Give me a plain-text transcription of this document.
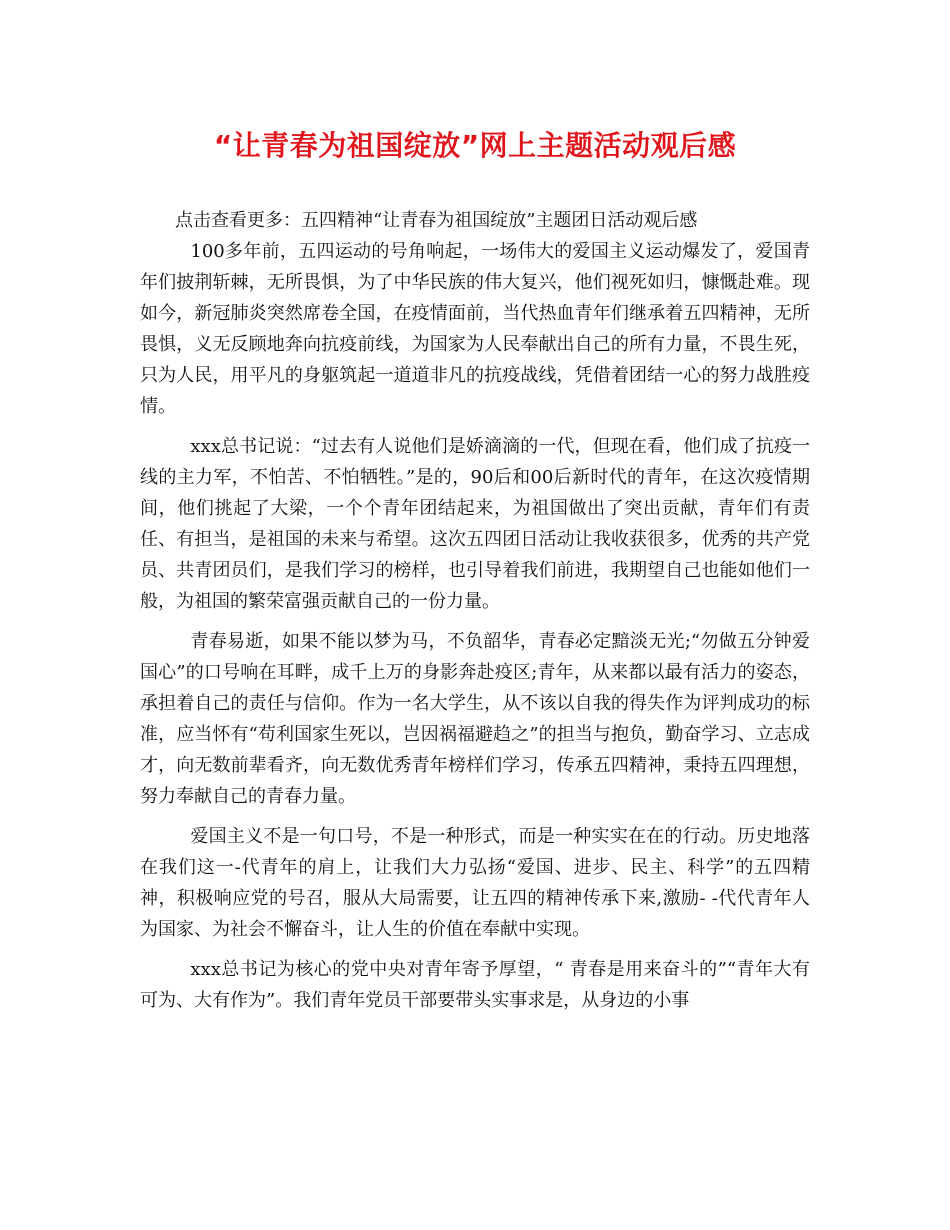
“让青春为祖国绽放”网上主题活动观后感
点击查看更多：五四精神“让青春为祖国绽放”主题团日活动观后感

100多年前，五四运动的号角响起，一场伟大的爱国主义运动爆发了，爱国青年们披荆斩棘，无所畏惧，为了中华民族的伟大复兴，他们视死如归，慷慨赴难。现如今，新冠肺炎突然席卷全国，在疫情面前，当代热血青年们继承着五四精神，无所畏惧，义无反顾地奔向抗疫前线，为国家为人民奉献出自己的所有力量，不畏生死，只为人民，用平凡的身躯筑起一道道非凡的抗疫战线，凭借着团结一心的努力战胜疫情。

xxx总书记说：“过去有人说他们是娇滴滴的一代，但现在看，他们成了抗疫一线的主力军，不怕苦、不怕牺牲。”是的，90后和00后新时代的青年，在这次疫情期间，他们挑起了大梁，一个个青年团结起来，为祖国做出了突出贡献，青年们有责任、有担当，是祖国的未来与希望。这次五四团日活动让我收获很多，优秀的共产党员、共青团员们，是我们学习的榜样，也引导着我们前进，我期望自己也能如他们一般，为祖国的繁荣富强贡献自己的一份力量。

青春易逝，如果不能以梦为马，不负韶华，青春必定黯淡无光;“勿做五分钟爱国心”的口号响在耳畔，成千上万的身影奔赴疫区;青年，从来都以最有活力的姿态，承担着自己的责任与信仰。作为一名大学生，从不该以自我的得失作为评判成功的标准，应当怀有“苟利国家生死以，岂因祸福避趋之”的担当与抱负，勤奋学习、立志成才，向无数前辈看齐，向无数优秀青年榜样们学习，传承五四精神，秉持五四理想，努力奉献自己的青春力量。

爱国主义不是一句口号，不是一种形式，而是一种实实在在的行动。历史地落在我们这一-代青年的肩上，让我们大力弘扬“爱国、进步、民主、科学”的五四精神，积极响应党的号召，服从大局需要，让五四的精神传承下来,激励- -代代青年人为国家、为社会不懈奋斗，让人生的价值在奉献中实现。

xxx总书记为核心的党中央对青年寄予厚望，“ 青春是用来奋斗的”“青年大有可为、大有作为”。我们青年党员干部要带头实事求是，从身边的小事
